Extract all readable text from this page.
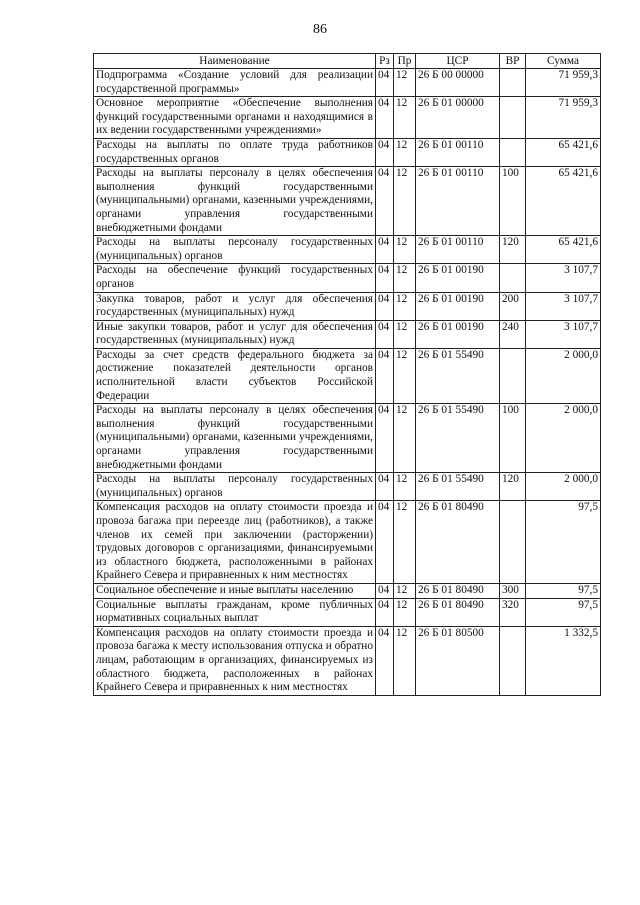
86
Наименование	Рз	Пр	ЦСР	ВР	Сумма
Подпрограмма «Создание условий для реализации государственной программы»	04	12	26 Б 00 00000		71 959,3
Основное мероприятие «Обеспечение выполнения функций государственными органами и находящимися в их ведении государственными учреждениями»	04	12	26 Б 01 00000		71 959,3
Расходы на выплаты по оплате труда работников государственных органов	04	12	26 Б 01 00110		65 421,6
Расходы на выплаты персоналу в целях обеспечения выполнения функций государственными (муниципальными) органами, казенными учреждениями, органами управления государственными внебюджетными фондами	04	12	26 Б 01 00110	100	65 421,6
Расходы на выплаты персоналу государственных (муниципальных) органов	04	12	26 Б 01 00110	120	65 421,6
Расходы на обеспечение функций государственных органов	04	12	26 Б 01 00190		3 107,7
Закупка товаров, работ и услуг для обеспечения государственных (муниципальных) нужд	04	12	26 Б 01 00190	200	3 107,7
Иные закупки товаров, работ и услуг для обеспечения государственных (муниципальных) нужд	04	12	26 Б 01 00190	240	3 107,7
Расходы за счет средств федерального бюджета за достижение показателей деятельности органов исполнительной власти субъектов Российской Федерации	04	12	26 Б 01 55490		2 000,0
Расходы на выплаты персоналу в целях обеспечения выполнения функций государственными (муниципальными) органами, казенными учреждениями, органами управления государственными внебюджетными фондами	04	12	26 Б 01 55490	100	2 000,0
Расходы на выплаты персоналу государственных (муниципальных) органов	04	12	26 Б 01 55490	120	2 000,0
Компенсация расходов на оплату стоимости проезда и провоза багажа при переезде лиц (работников), а также членов их семей при заключении (расторжении) трудовых договоров с организациями, финансируемыми из областного бюджета, расположенными в районах Крайнего Севера и приравненных к ним местностях	04	12	26 Б 01 80490		97,5
Социальное обеспечение и иные выплаты населению	04	12	26 Б 01 80490	300	97,5
Социальные выплаты гражданам, кроме публичных нормативных социальных выплат	04	12	26 Б 01 80490	320	97,5
Компенсация расходов на оплату стоимости проезда и провоза багажа к месту использования отпуска и обратно лицам, работающим в организациях, финансируемых из областного бюджета, расположенных в районах Крайнего Севера и приравненных к ним местностях	04	12	26 Б 01 80500		1 332,5
